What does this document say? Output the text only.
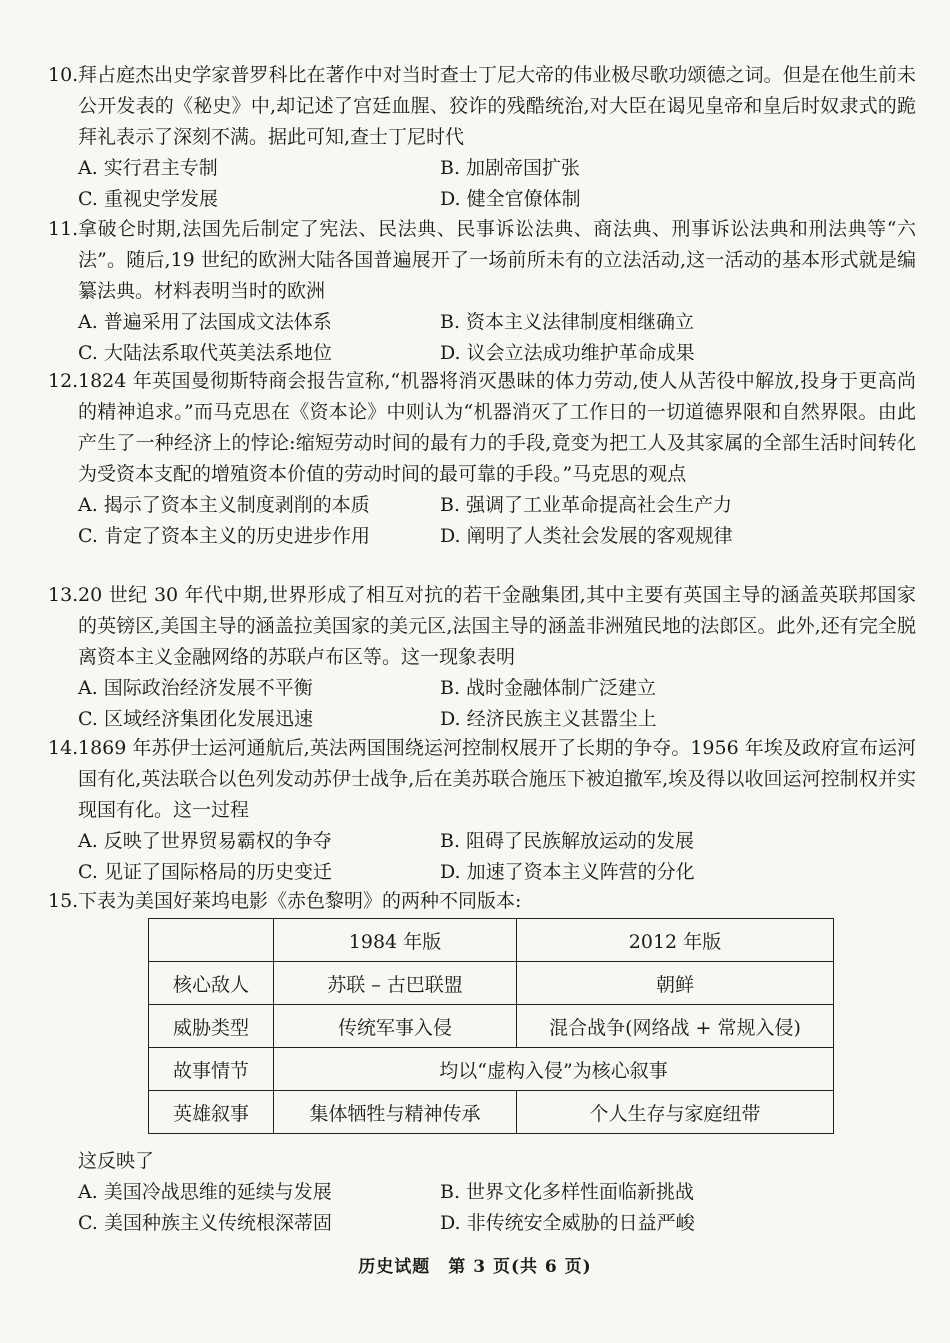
10. 拜占庭杰出史学家普罗科比在著作中对当时查士丁尼大帝的伟业极尽歌功颂德之词。但是在他生前未公开发表的《秘史》中,却记述了宫廷血腥、狡诈的残酷统治,对大臣在谒见皇帝和皇后时奴隶式的跪拜礼表示了深刻不满。据此可知,查士丁尼时代
A. 实行君主专制	B. 加剧帝国扩张
C. 重视史学发展	D. 健全官僚体制
11. 拿破仑时期,法国先后制定了宪法、民法典、民事诉讼法典、商法典、刑事诉讼法典和刑法典等“六法”。随后,19 世纪的欧洲大陆各国普遍展开了一场前所未有的立法活动,这一活动的基本形式就是编纂法典。材料表明当时的欧洲
A. 普遍采用了法国成文法体系	B. 资本主义法律制度相继确立
C. 大陆法系取代英美法系地位	D. 议会立法成功维护革命成果
12. 1824 年英国曼彻斯特商会报告宣称,“机器将消灭愚昧的体力劳动,使人从苦役中解放,投身于更高尚的精神追求。”而马克思在《资本论》中则认为“机器消灭了工作日的一切道德界限和自然界限。由此产生了一种经济上的悖论:缩短劳动时间的最有力的手段,竟变为把工人及其家属的全部生活时间转化为受资本支配的增殖资本价值的劳动时间的最可靠的手段。”马克思的观点
A. 揭示了资本主义制度剥削的本质	B. 强调了工业革命提高社会生产力
C. 肯定了资本主义的历史进步作用	D. 阐明了人类社会发展的客观规律
13. 20 世纪 30 年代中期,世界形成了相互对抗的若干金融集团,其中主要有英国主导的涵盖英联邦国家的英镑区,美国主导的涵盖拉美国家的美元区,法国主导的涵盖非洲殖民地的法郎区。此外,还有完全脱离资本主义金融网络的苏联卢布区等。这一现象表明
A. 国际政治经济发展不平衡	B. 战时金融体制广泛建立
C. 区域经济集团化发展迅速	D. 经济民族主义甚嚣尘上
14. 1869 年苏伊士运河通航后,英法两国围绕运河控制权展开了长期的争夺。1956 年埃及政府宣布运河国有化,英法联合以色列发动苏伊士战争,后在美苏联合施压下被迫撤军,埃及得以收回运河控制权并实现国有化。这一过程
A. 反映了世界贸易霸权的争夺	B. 阻碍了民族解放运动的发展
C. 见证了国际格局的历史变迁	D. 加速了资本主义阵营的分化
15. 下表为美国好莱坞电影《赤色黎明》的两种不同版本:
	1984 年版	2012 年版
核心敌人	苏联 – 古巴联盟	朝鲜
威胁类型	传统军事入侵	混合战争(网络战 + 常规入侵)
故事情节	均以“虚构入侵”为核心叙事	
英雄叙事	集体牺牲与精神传承	个人生存与家庭纽带
这反映了
A. 美国冷战思维的延续与发展	B. 世界文化多样性面临新挑战
C. 美国种族主义传统根深蒂固	D. 非传统安全威胁的日益严峻
历史试题　第 3 页(共 6 页)
